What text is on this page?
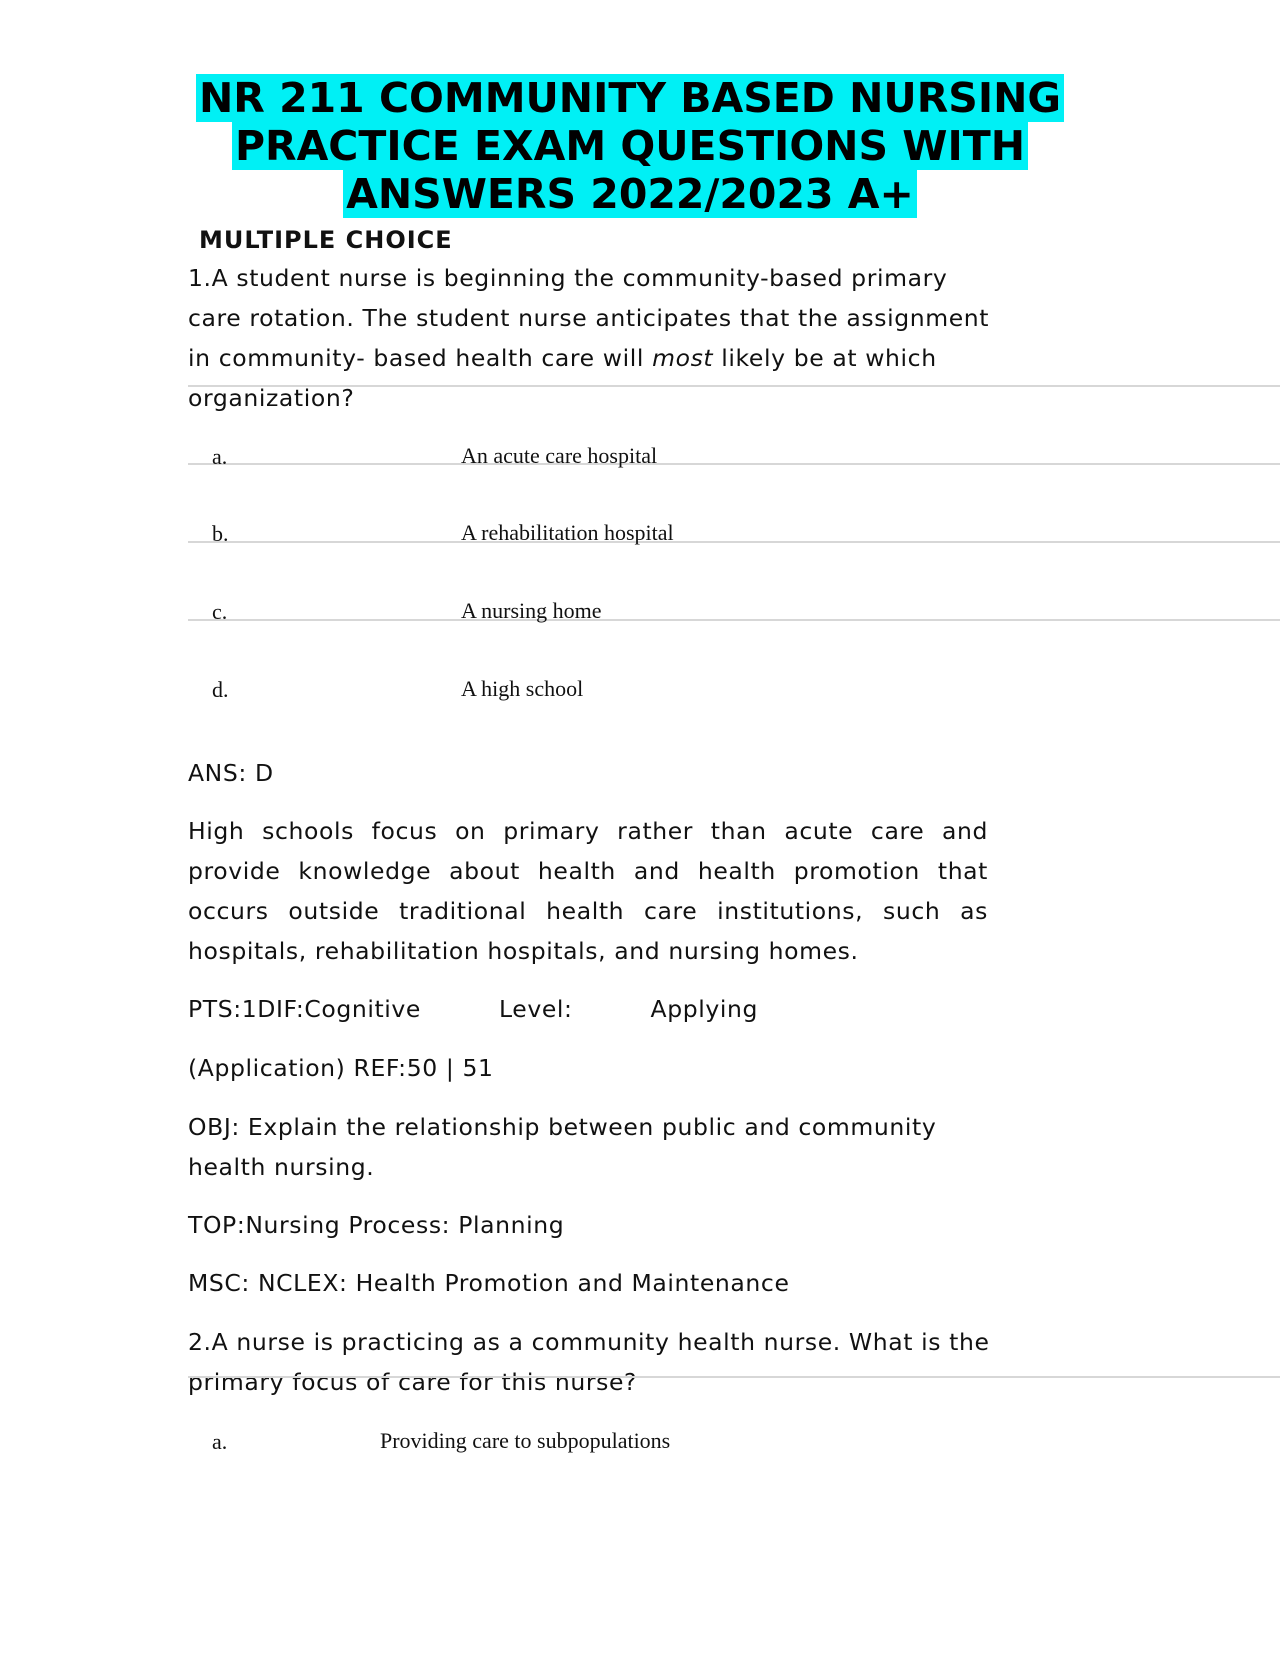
NR 211 COMMUNITY BASED NURSING
PRACTICE EXAM QUESTIONS WITH
ANSWERS 2022/2023 A+
MULTIPLE CHOICE
1.A student nurse is beginning the community-based primary
care rotation. The student nurse anticipates that the assignment
in community- based health care will most likely be at which
organization?
a.	An acute care hospital
b.	A rehabilitation hospital
c.	A nursing home
d.	A high school
ANS: D
High schools focus on primary rather than acute care and provide knowledge about health and health promotion that occurs outside traditional health care institutions, such as hospitals, rehabilitation hospitals, and nursing homes.
PTS:1DIF:Cognitive	Level:	Applying
(Application) REF:50 | 51
OBJ: Explain the relationship between public and community health nursing.
TOP:Nursing Process: Planning
MSC: NCLEX: Health Promotion and Maintenance
2.A nurse is practicing as a community health nurse. What is the
primary focus of care for this nurse?
a.	Providing care to subpopulations
